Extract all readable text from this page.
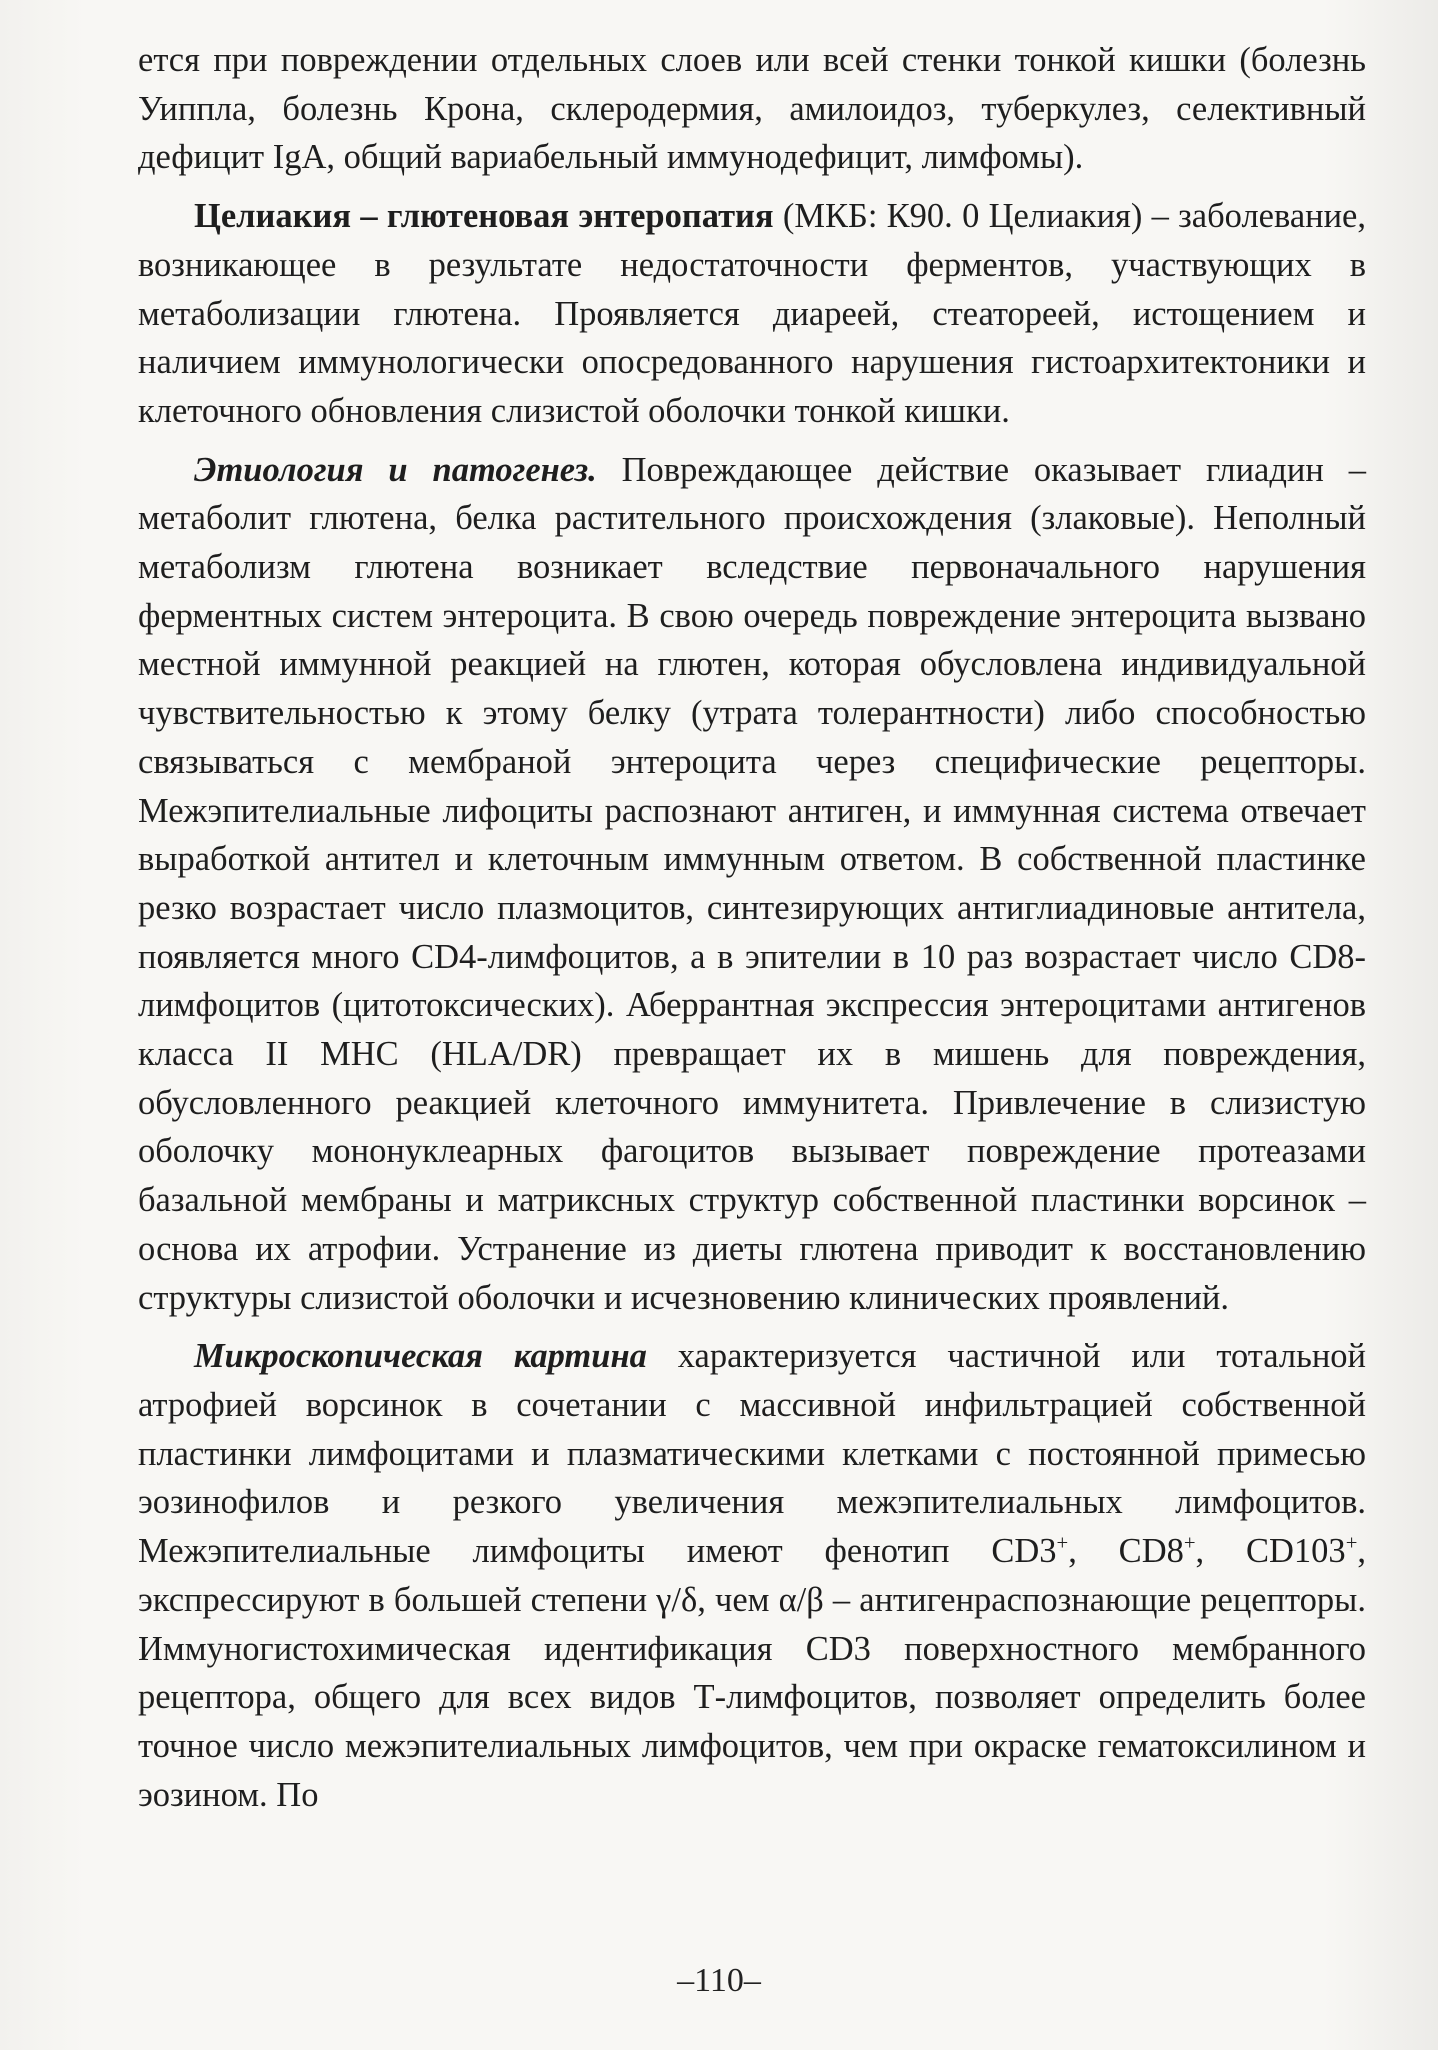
ется при повреждении отдельных слоев или всей стенки тонкой кишки (болезнь Уиппла, болезнь Крона, склеродермия, амилоидоз, туберкулез, селективный дефицит IgA, общий вариабельный иммунодефицит, лимфомы).

Целиакия – глютеновая энтеропатия (МКБ: К90. 0 Целиакия) – заболевание, возникающее в результате недостаточности ферментов, участвующих в метаболизации глютена. Проявляется диареей, стеатореей, истощением и наличием иммунологически опосредованного нарушения гистоархитектоники и клеточного обновления слизистой оболочки тонкой кишки.

Этиология и патогенез. Повреждающее действие оказывает глиадин – метаболит глютена, белка растительного происхождения (злаковые). Неполный метаболизм глютена возникает вследствие первоначального нарушения ферментных систем энтероцита. В свою очередь повреждение энтероцита вызвано местной иммунной реакцией на глютен, которая обусловлена индивидуальной чувствительностью к этому белку (утрата толерантности) либо способностью связываться с мембраной энтероцита через специфические рецепторы. Межэпителиальные лифоциты распознают антиген, и иммунная система отвечает выработкой антител и клеточным иммунным ответом. В собственной пластинке резко возрастает число плазмоцитов, синтезирующих антиглиадиновые антитела, появляется много CD4-лимфоцитов, а в эпителии в 10 раз возрастает число CD8-лимфоцитов (цитотоксических). Аберрантная экспрессия энтероцитами антигенов класса II MHC (HLA/DR) превращает их в мишень для повреждения, обусловленного реакцией клеточного иммунитета. Привлечение в слизистую оболочку мононуклеарных фагоцитов вызывает повреждение протеазами базальной мембраны и матриксных структур собственной пластинки ворсинок – основа их атрофии. Устранение из диеты глютена приводит к восстановлению структуры слизистой оболочки и исчезновению клинических проявлений.

Микроскопическая картина характеризуется частичной или тотальной атрофией ворсинок в сочетании с массивной инфильтрацией собственной пластинки лимфоцитами и плазматическими клетками с постоянной примесью эозинофилов и резкого увеличения межэпителиальных лимфоцитов. Межэпителиальные лимфоциты имеют фенотип CD3+, CD8+, CD103+, экспрессируют в большей степени γ/δ, чем α/β – антигенраспознающие рецепторы. Иммуногистохимическая идентификация CD3 поверхностного мембранного рецептора, общего для всех видов Т-лимфоцитов, позволяет определить более точное число межэпителиальных лимфоцитов, чем при окраске гематоксилином и эозином. По

–110–
